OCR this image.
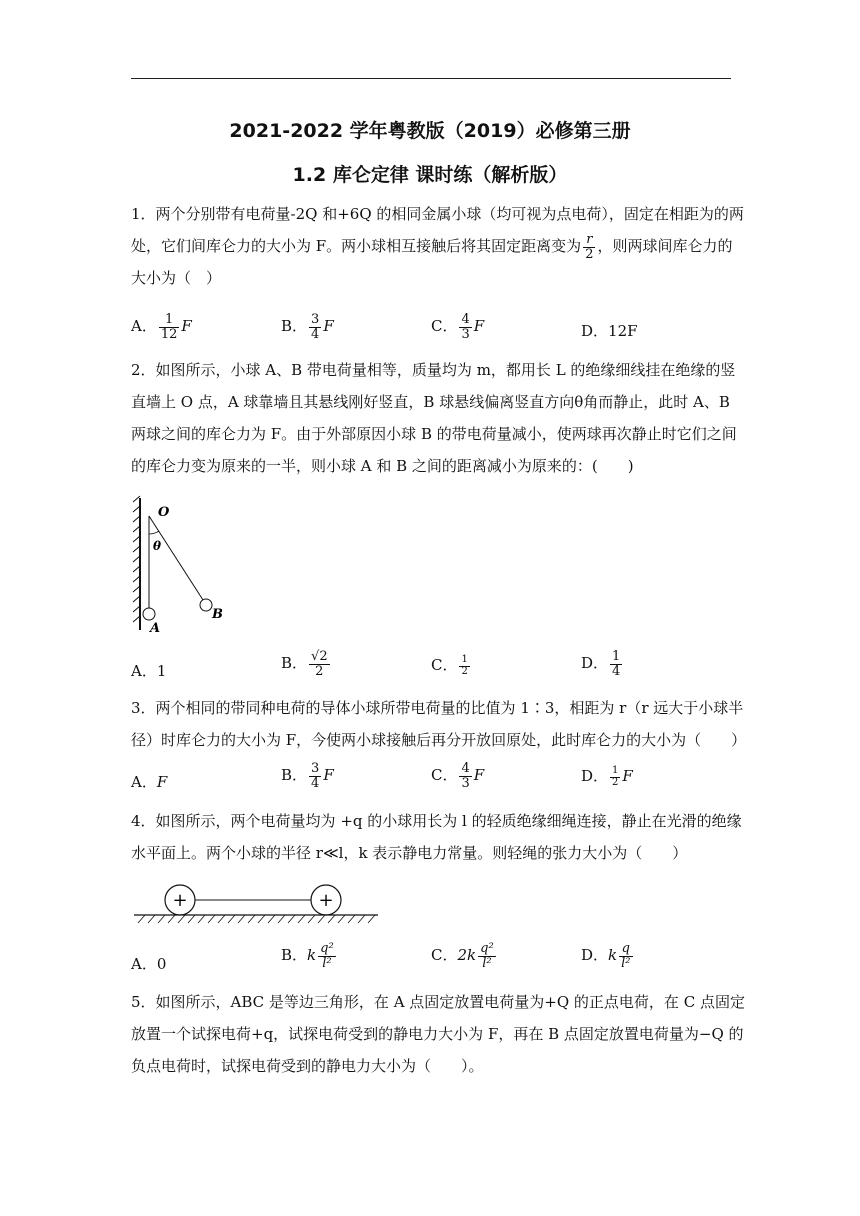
2021-2022 学年粤教版（2019）必修第三册
1.2 库仑定律 课时练（解析版）
1．两个分别带有电荷量-2Q 和+6Q 的相同金属小球（均可视为点电荷），固定在相距为的两
处，它们间库仑力的大小为 F。两小球相互接触后将其固定距离变为 $\frac{r}{2}$ ，则两球间库仑力的
大小为（　）
A． $\frac{1}{12}$ F	B． $\frac{3}{4}$ F	C． $\frac{4}{3}$ F	D．12F
2．如图所示，小球 A、B 带电荷量相等，质量均为 m，都用长 L 的绝缘细线挂在绝缘的竖
直墙上 O 点，A 球靠墙且其悬线刚好竖直，B 球悬线偏离竖直方向θ角而静止，此时 A、B
两球之间的库仑力为 F。由于外部原因小球 B 的带电荷量减小，使两球再次静止时它们之间
的库仑力变为原来的一半，则小球 A 和 B 之间的距离减小为原来的：(　　)
O
θ
A
B
A．1	B． $\frac{√2}{2}$	C． $\frac{1}{2}$	D． $\frac{1}{4}$
3．两个相同的带同种电荷的导体小球所带电荷量的比值为 1∶3，相距为 r（r 远大于小球半
径）时库仑力的大小为 F，今使两小球接触后再分开放回原处，此时库仑力的大小为（　　）
A．F	B． $\frac{3}{4}$ F	C． $\frac{4}{3}$ F	D． $\frac{1}{2}$ F
4．如图所示，两个电荷量均为 +q 的小球用长为 l 的轻质绝缘细绳连接，静止在光滑的绝缘
水平面上。两个小球的半径 r≪l，k 表示静电力常量。则轻绳的张力大小为（　　）
+	+
A．0	B．k $\frac{\text{q²}}{\text{l²}}$	C．$2k \frac{\text{q²}}{\text{l²}}$	D．k $\frac{q}{\text{l²}}$
5．如图所示，ABC 是等边三角形，在 A 点固定放置电荷量为+Q 的正点电荷，在 C 点固定
放置一个试探电荷+q，试探电荷受到的静电力大小为 F，再在 B 点固定放置电荷量为−Q 的
负点电荷时，试探电荷受到的静电力大小为（　　）。
